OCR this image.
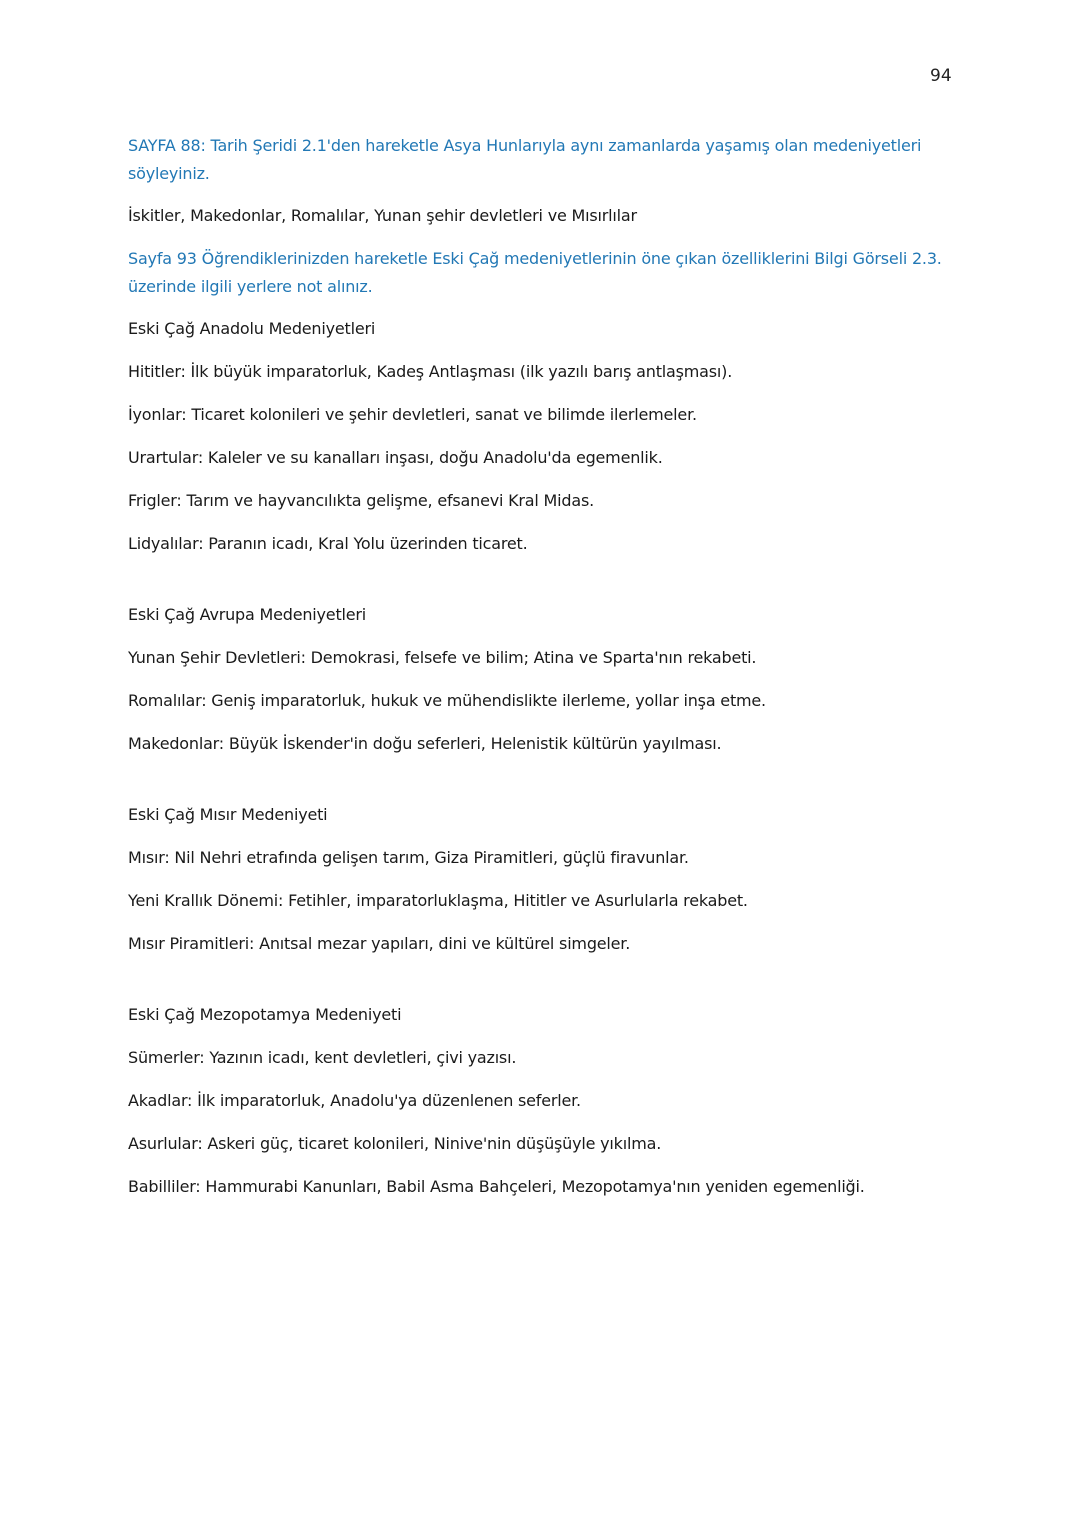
94

SAYFA 88: Tarih Şeridi 2.1'den hareketle Asya Hunlarıyla aynı zamanlarda yaşamış olan medeniyetleri söyleyiniz.

İskitler, Makedonlar, Romalılar, Yunan şehir devletleri ve Mısırlılar

Sayfa 93 Öğrendiklerinizden hareketle Eski Çağ medeniyetlerinin öne çıkan özelliklerini Bilgi Görseli 2.3. üzerinde ilgili yerlere not alınız.

Eski Çağ Anadolu Medeniyetleri

Hititler: İlk büyük imparatorluk, Kadeş Antlaşması (ilk yazılı barış antlaşması).

İyonlar: Ticaret kolonileri ve şehir devletleri, sanat ve bilimde ilerlemeler.

Urartular: Kaleler ve su kanalları inşası, doğu Anadolu'da egemenlik.

Frigler: Tarım ve hayvancılıkta gelişme, efsanevi Kral Midas.

Lidyalılar: Paranın icadı, Kral Yolu üzerinden ticaret.

Eski Çağ Avrupa Medeniyetleri

Yunan Şehir Devletleri: Demokrasi, felsefe ve bilim; Atina ve Sparta'nın rekabeti.

Romalılar: Geniş imparatorluk, hukuk ve mühendislikte ilerleme, yollar inşa etme.

Makedonlar: Büyük İskender'in doğu seferleri, Helenistik kültürün yayılması.

Eski Çağ Mısır Medeniyeti

Mısır: Nil Nehri etrafında gelişen tarım, Giza Piramitleri, güçlü firavunlar.

Yeni Krallık Dönemi: Fetihler, imparatorluklaşma, Hititler ve Asurlularla rekabet.

Mısır Piramitleri: Anıtsal mezar yapıları, dini ve kültürel simgeler.

Eski Çağ Mezopotamya Medeniyeti

Sümerler: Yazının icadı, kent devletleri, çivi yazısı.

Akadlar: İlk imparatorluk, Anadolu'ya düzenlenen seferler.

Asurlular: Askeri güç, ticaret kolonileri, Ninive'nin düşüşüyle yıkılma.

Babilliler: Hammurabi Kanunları, Babil Asma Bahçeleri, Mezopotamya'nın yeniden egemenliği.
